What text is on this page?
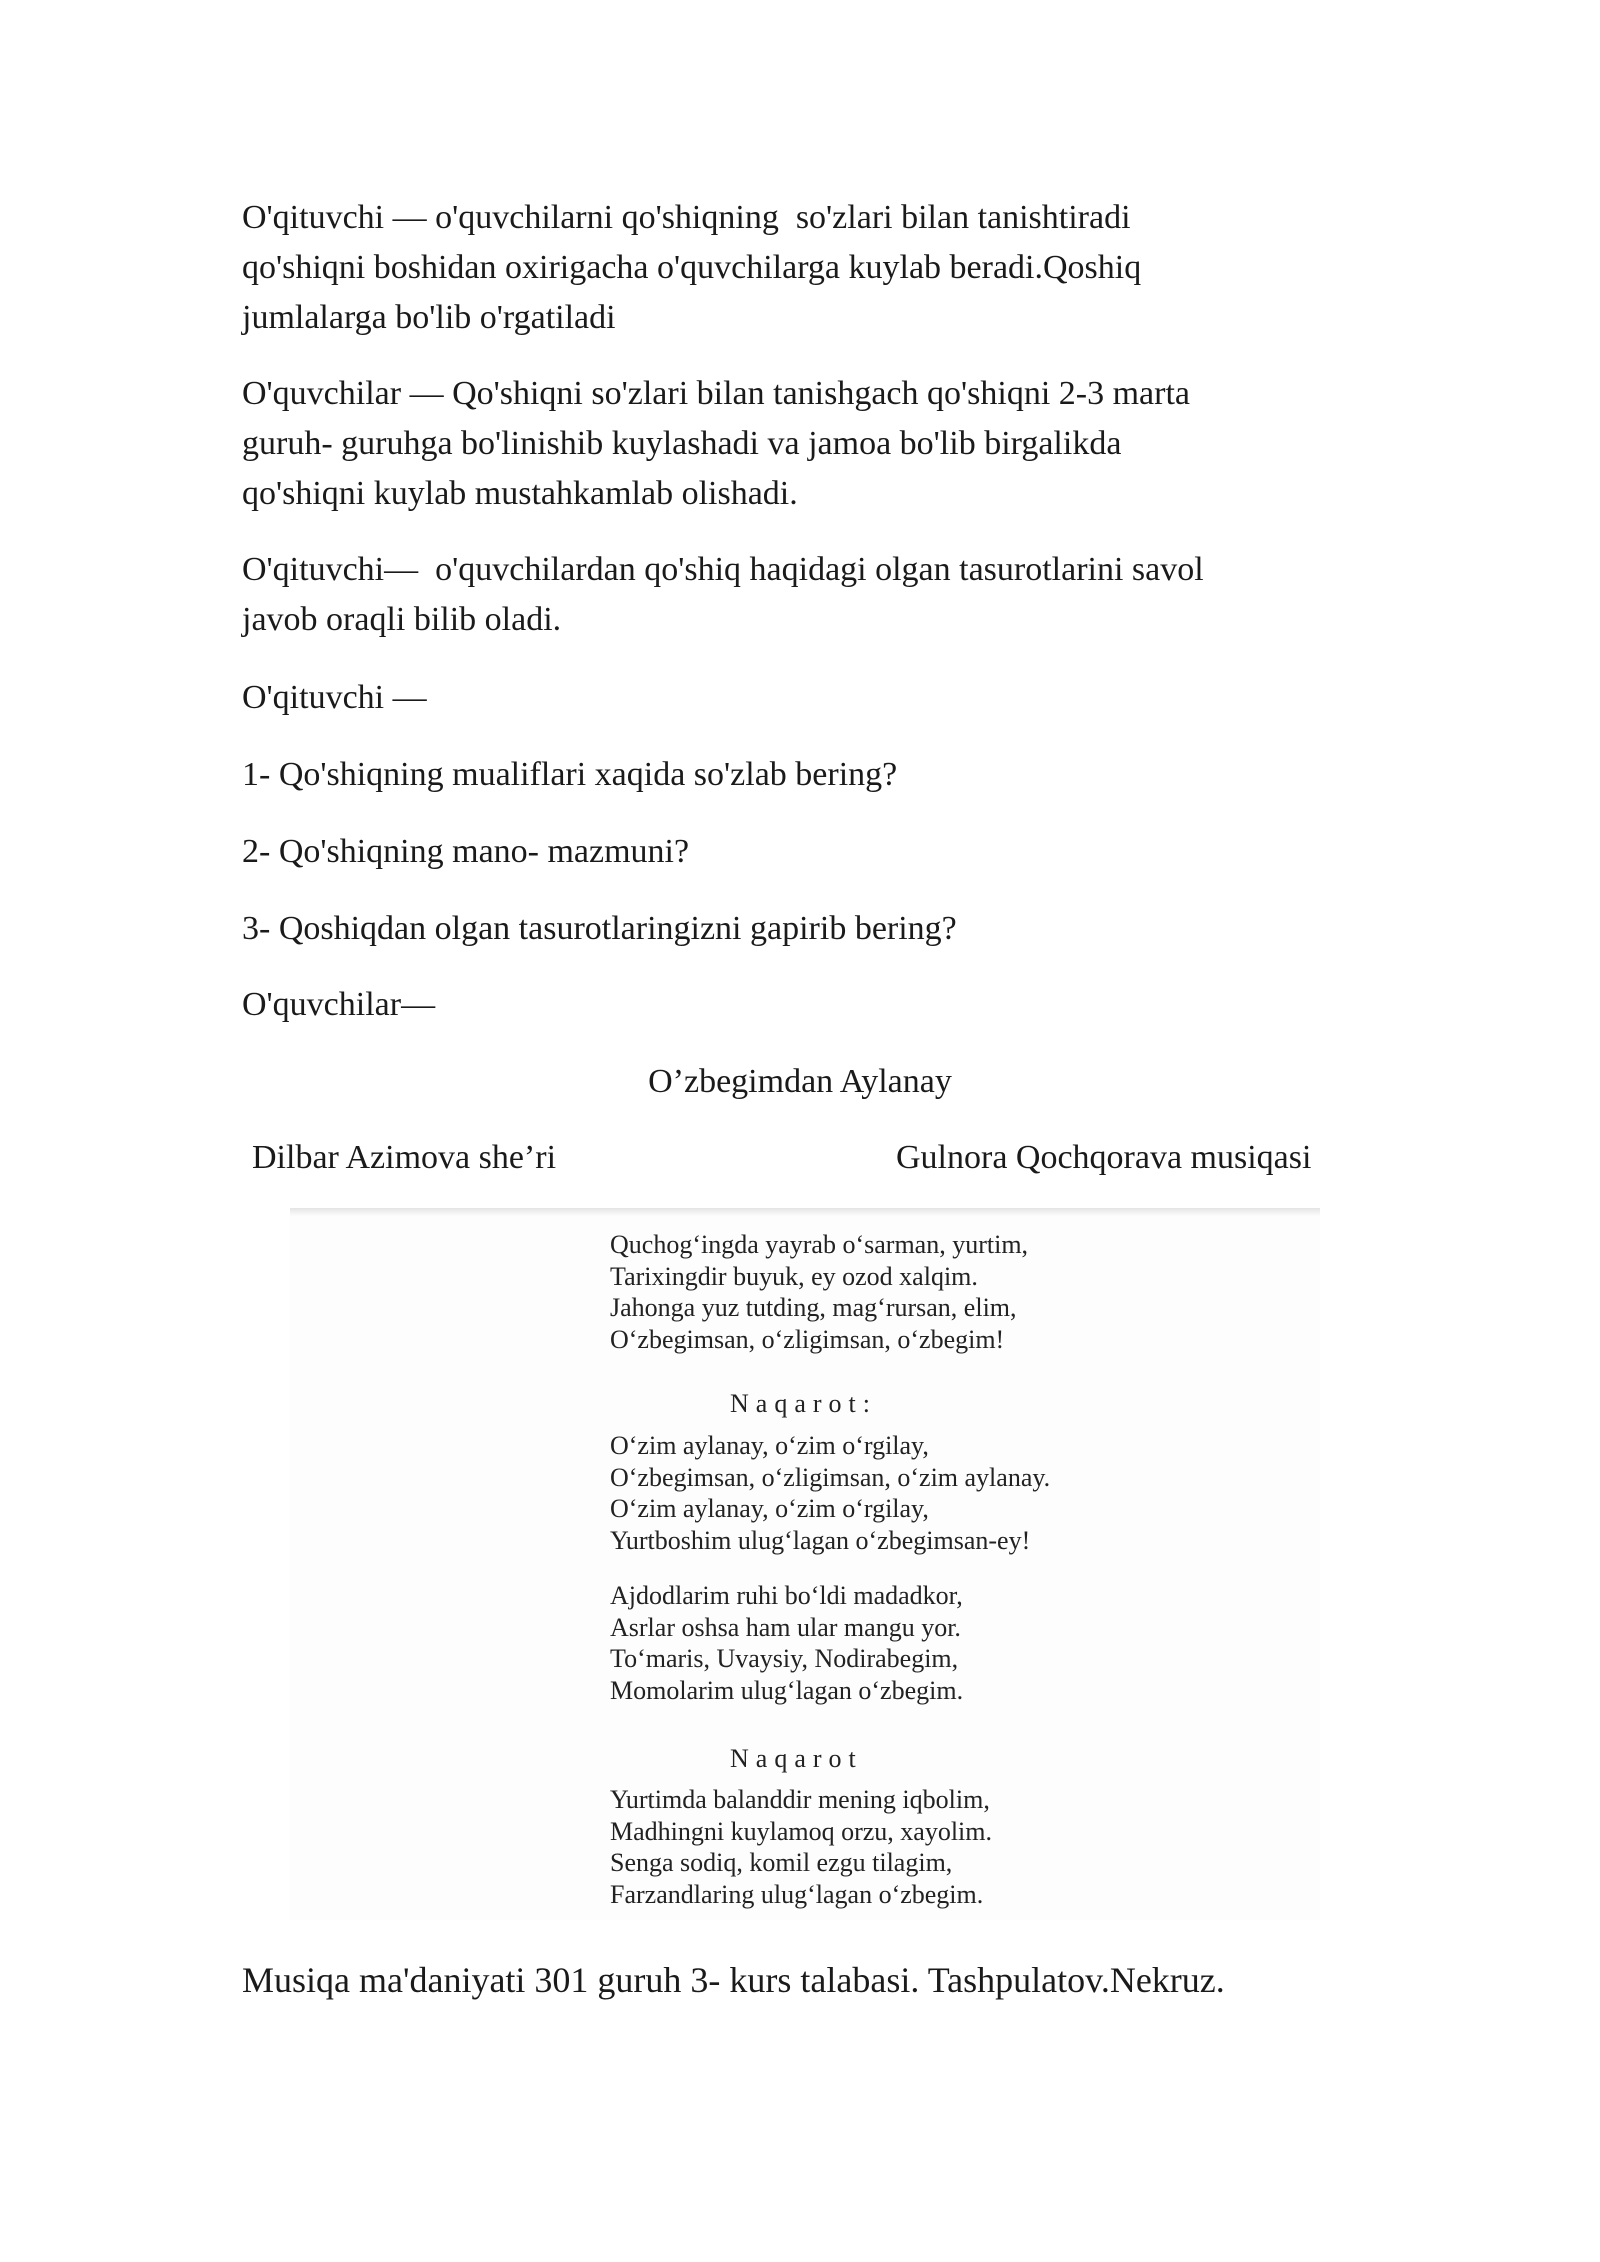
O'qituvchi — o'quvchilarni qo'shiqning  so'zlari bilan tanishtiradi
qo'shiqni boshidan oxirigacha o'quvchilarga kuylab beradi.Qoshiq
jumlalarga bo'lib o'rgatiladi
O'quvchilar — Qo'shiqni so'zlari bilan tanishgach qo'shiqni 2-3 marta
guruh- guruhga bo'linishib kuylashadi va jamoa bo'lib birgalikda
qo'shiqni kuylab mustahkamlab olishadi.
O'qituvchi—  o'quvchilardan qo'shiq haqidagi olgan tasurotlarini savol
javob oraqli bilib oladi.
O'qituvchi —
1- Qo'shiqning mualiflari xaqida so'zlab bering?
2- Qo'shiqning mano- mazmuni?
3- Qoshiqdan olgan tasurotlaringizni gapirib bering?
O'quvchilar—
O’zbegimdan Aylanay
Dilbar Azimova she’ri	Gulnora Qochqorava musiqasi
Quchog‘ingda yayrab o‘sarman, yurtim,
Tarixingdir buyuk, ey ozod xalqim.
Jahonga yuz tutding, mag‘rursan, elim,
O‘zbegimsan, o‘zligimsan, o‘zbegim!
Naqarot:
O‘zim aylanay, o‘zim o‘rgilay,
O‘zbegimsan, o‘zligimsan, o‘zim aylanay.
O‘zim aylanay, o‘zim o‘rgilay,
Yurtboshim ulug‘lagan o‘zbegimsan-ey!
Ajdodlarim ruhi bo‘ldi madadkor,
Asrlar oshsa ham ular mangu yor.
To‘maris, Uvaysiy, Nodirabegim,
Momolarim ulug‘lagan o‘zbegim.
Naqarot
Yurtimda balanddir mening iqbolim,
Madhingni kuylamoq orzu, xayolim.
Senga sodiq, komil ezgu tilagim,
Farzandlaring ulug‘lagan o‘zbegim.
Musiqa ma'daniyati 301 guruh 3- kurs talabasi. Tashpulatov.Nekruz.
